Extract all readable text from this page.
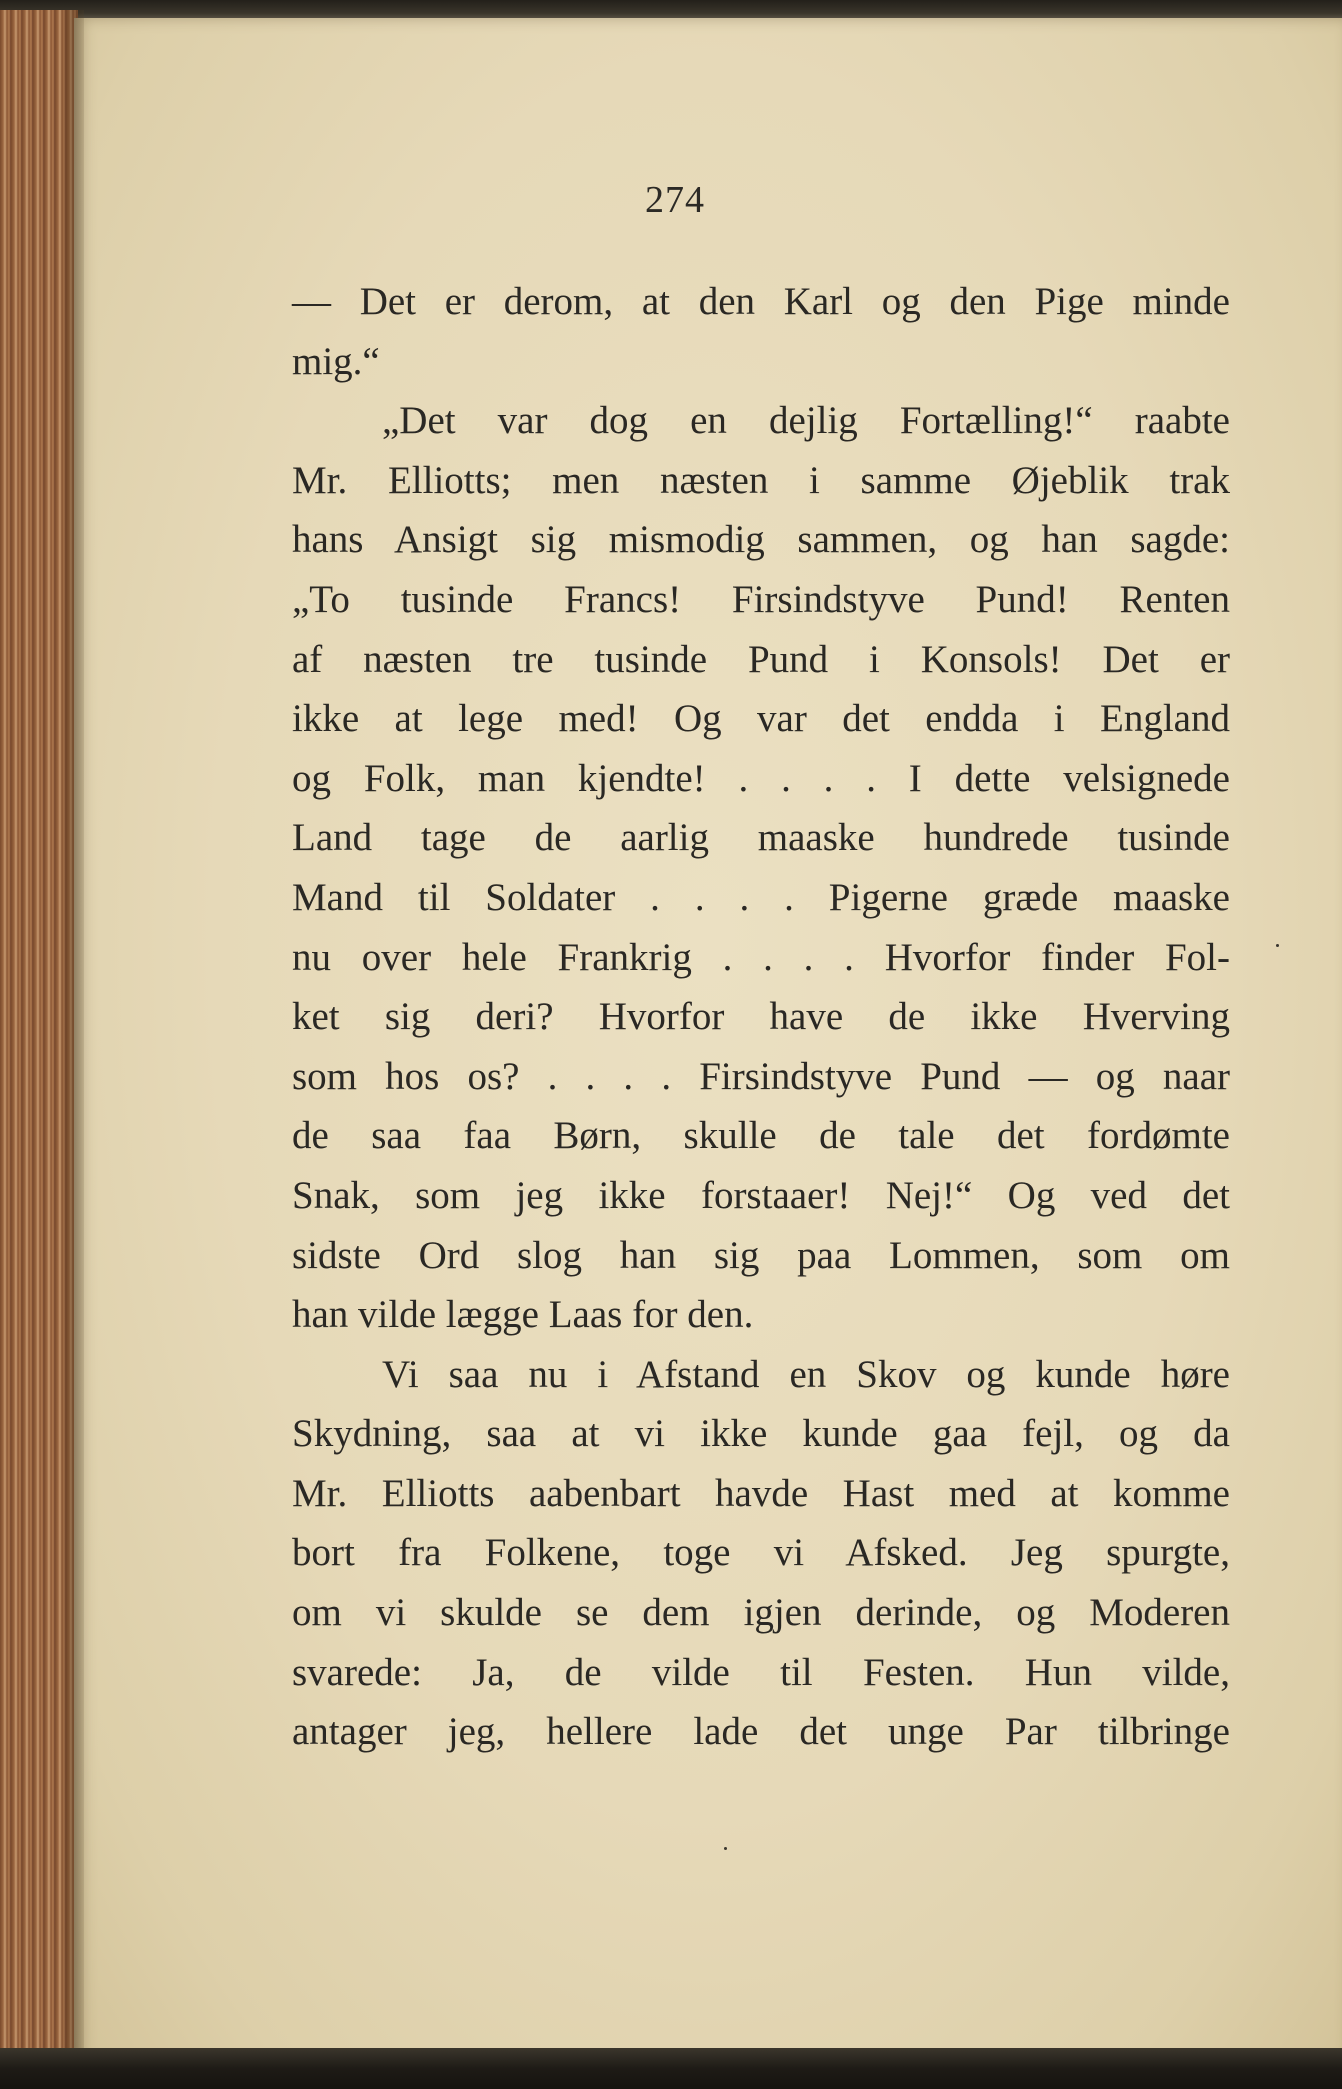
274
— Det er derom, at den Karl og den Pige minde
mig.“
„Det var dog en dejlig Fortælling!“ raabte
Mr. Elliotts; men næsten i samme Øjeblik trak
hans Ansigt sig mismodig sammen, og han sagde:
„To tusinde Francs! Firsindstyve Pund! Renten
af næsten tre tusinde Pund i Konsols! Det er
ikke at lege med! Og var det endda i England
og Folk, man kjendte! . . . . I dette velsignede
Land tage de aarlig maaske hundrede tusinde
Mand til Soldater . . . . Pigerne græde maaske
nu over hele Frankrig . . . . Hvorfor finder Fol-
ket sig deri? Hvorfor have de ikke Hverving
som hos os? . . . . Firsindstyve Pund — og naar
de saa faa Børn, skulle de tale det fordømte
Snak, som jeg ikke forstaaer! Nej!“ Og ved det
sidste Ord slog han sig paa Lommen, som om
han vilde lægge Laas for den.
Vi saa nu i Afstand en Skov og kunde høre
Skydning, saa at vi ikke kunde gaa fejl, og da
Mr. Elliotts aabenbart havde Hast med at komme
bort fra Folkene, toge vi Afsked. Jeg spurgte,
om vi skulde se dem igjen derinde, og Moderen
svarede: Ja, de vilde til Festen. Hun vilde,
antager jeg, hellere lade det unge Par tilbringe
